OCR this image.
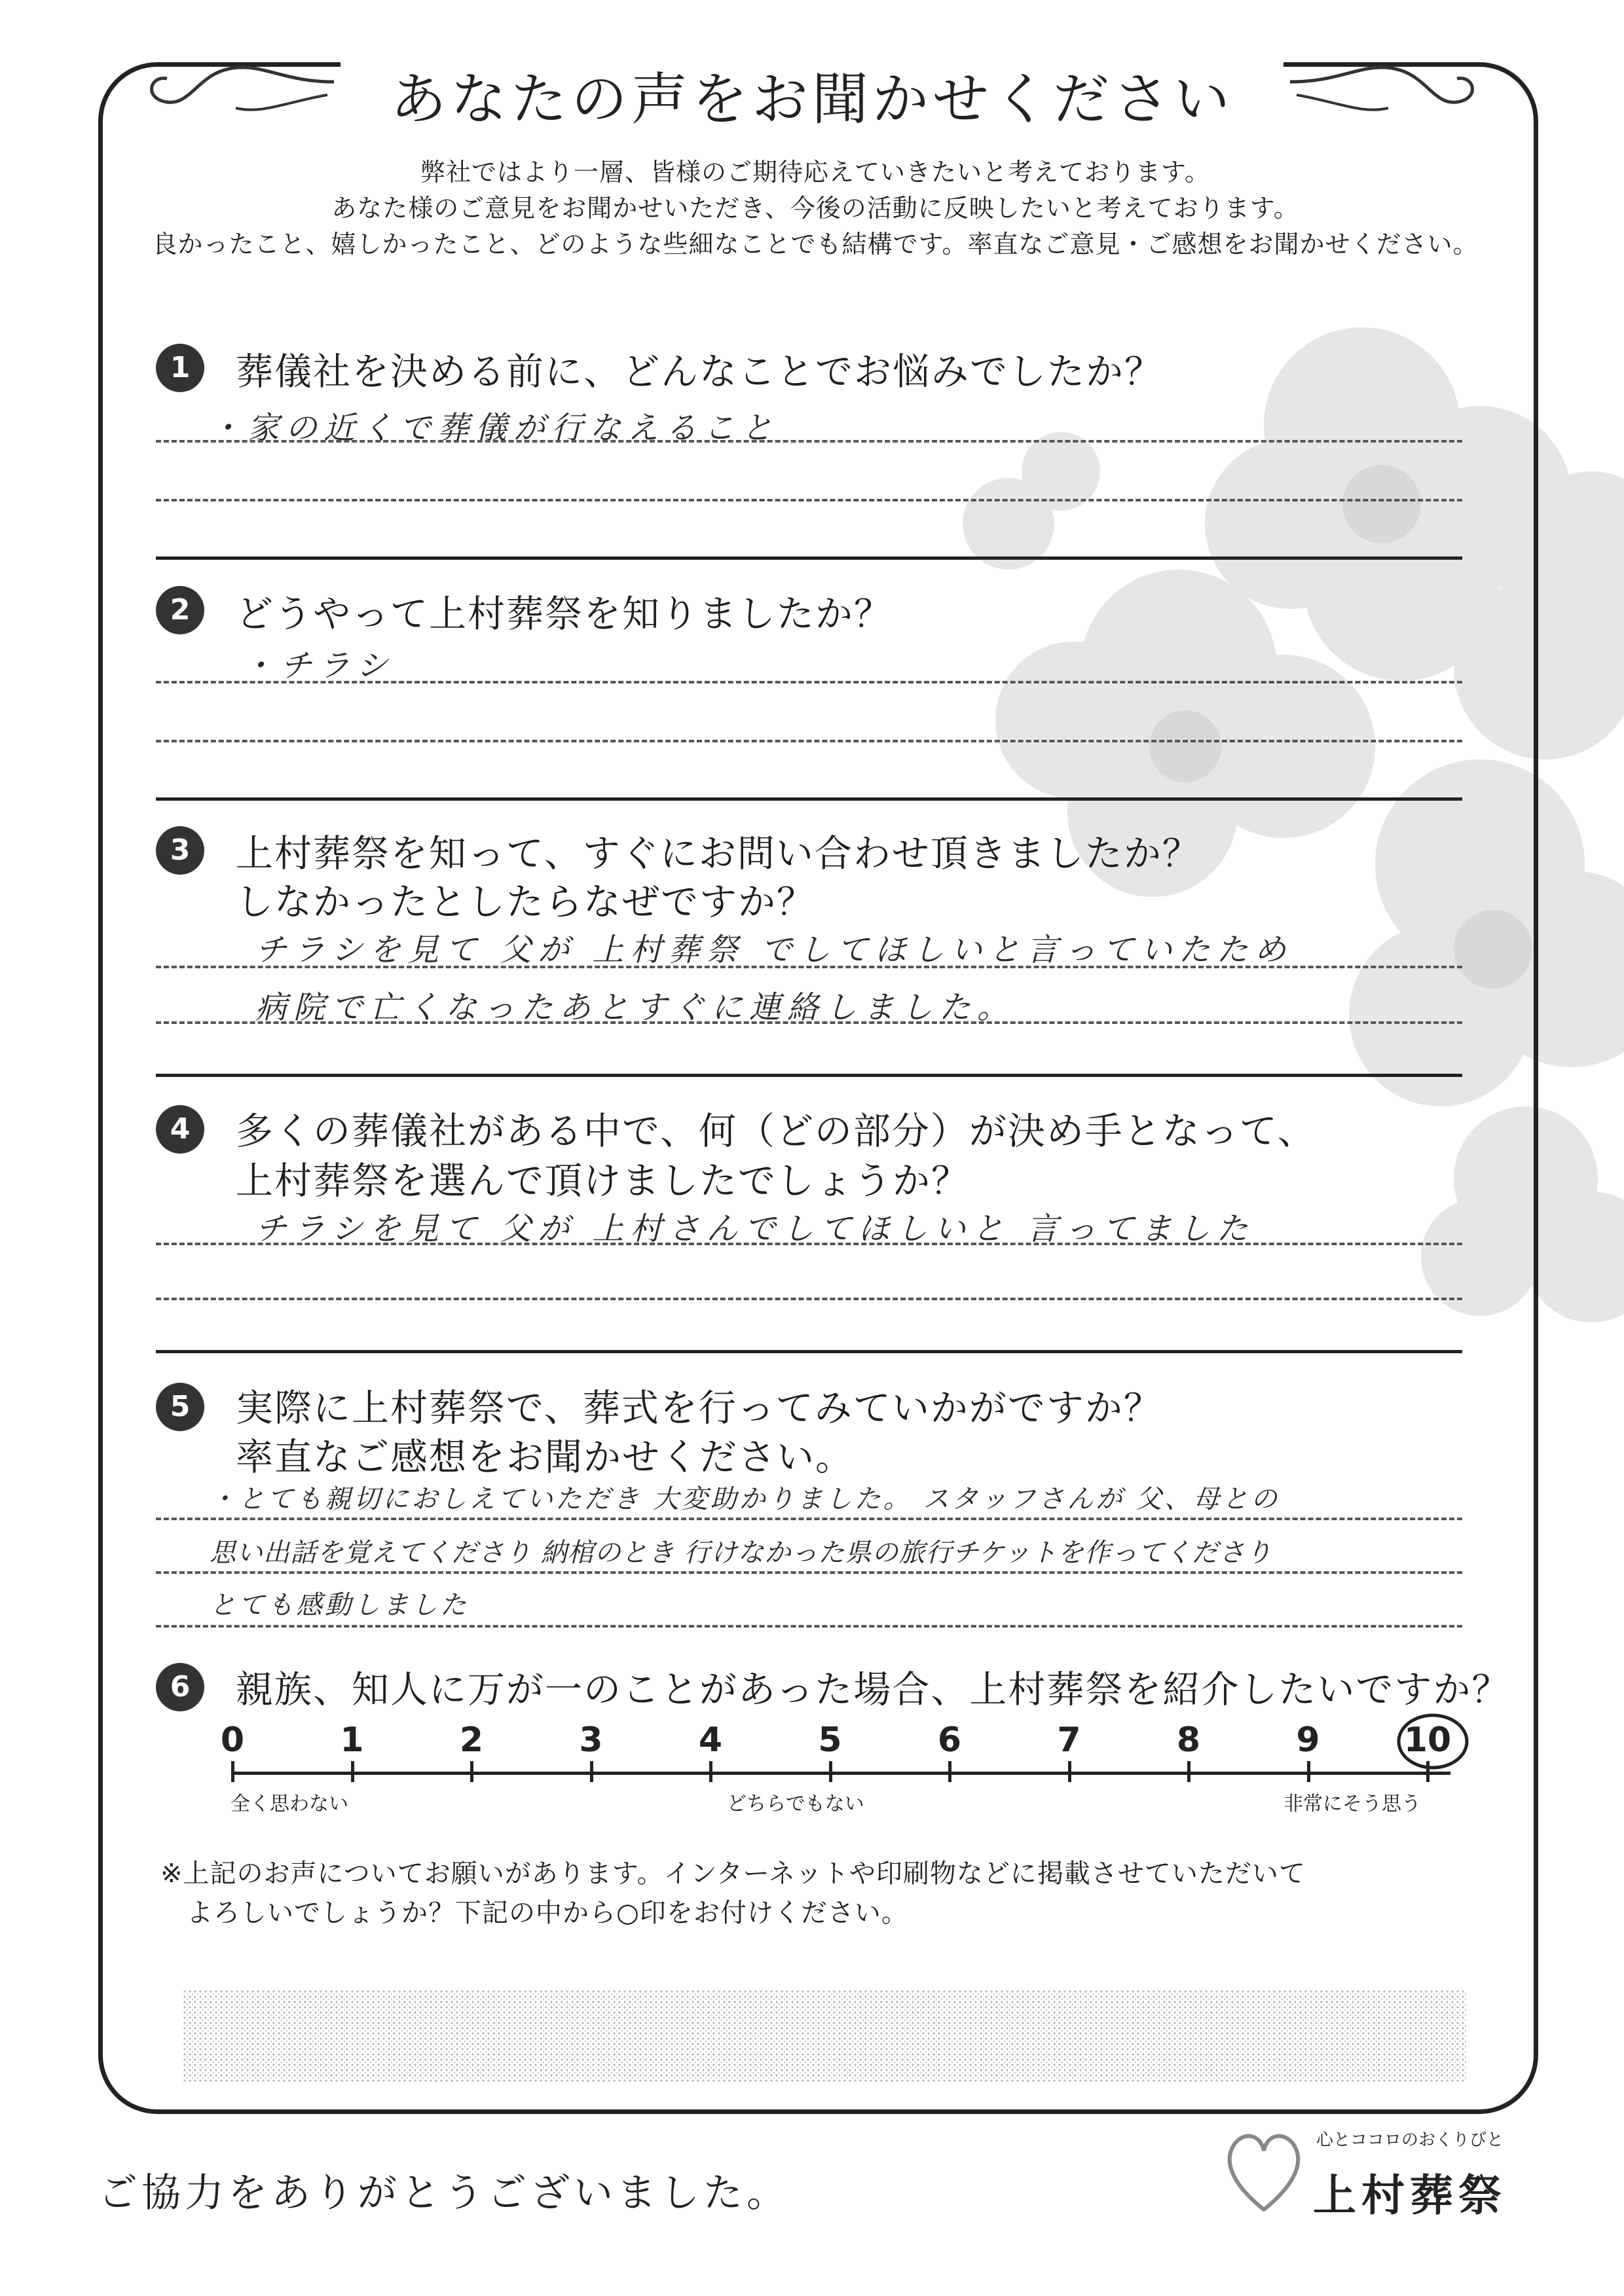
あなたの声をお聞かせください
弊社ではより一層、皆様のご期待応えていきたいと考えております。
あなた様のご意見をお聞かせいただき、今後の活動に反映したいと考えております。
良かったこと、嬉しかったこと、どのような些細なことでも結構です。率直なご意見・ご感想をお聞かせください。
1	葬儀社を決める前に、どんなことでお悩みでしたか？
・家の近くで葬儀が行なえること
2	どうやって上村葬祭を知りましたか？
・チラシ
3	上村葬祭を知って、すぐにお問い合わせ頂きましたか？
しなかったとしたらなぜですか？
チラシを見て 父が 上村葬祭 でしてほしいと言っていたため
病院で亡くなったあとすぐに連絡しました。
4	多くの葬儀社がある中で、何（どの部分）が決め手となって、
上村葬祭を選んで頂けましたでしょうか？
チラシを見て 父が 上村さんでしてほしいと 言ってました
5	実際に上村葬祭で、葬式を行ってみていかがですか？
率直なご感想をお聞かせください。
・とても親切におしえていただき 大変助かりました。 スタッフさんが 父、母との
思い出話を覚えてくださり 納棺のとき 行けなかった県の旅行チケットを作ってくださり
とても感動しました
6	親族、知人に万が一のことがあった場合、上村葬祭を紹介したいですか？
全く思わない	どちらでもない	非常にそう思う
※上記のお声についてお願いがあります。インターネットや印刷物などに掲載させていただいて
よろしいでしょうか？下記の中から○印をお付けください。
ご協力をありがとうございました。
心とココロのおくりびと
上村葬祭
0	1	2	3	4	5	6	7	8	9	10
